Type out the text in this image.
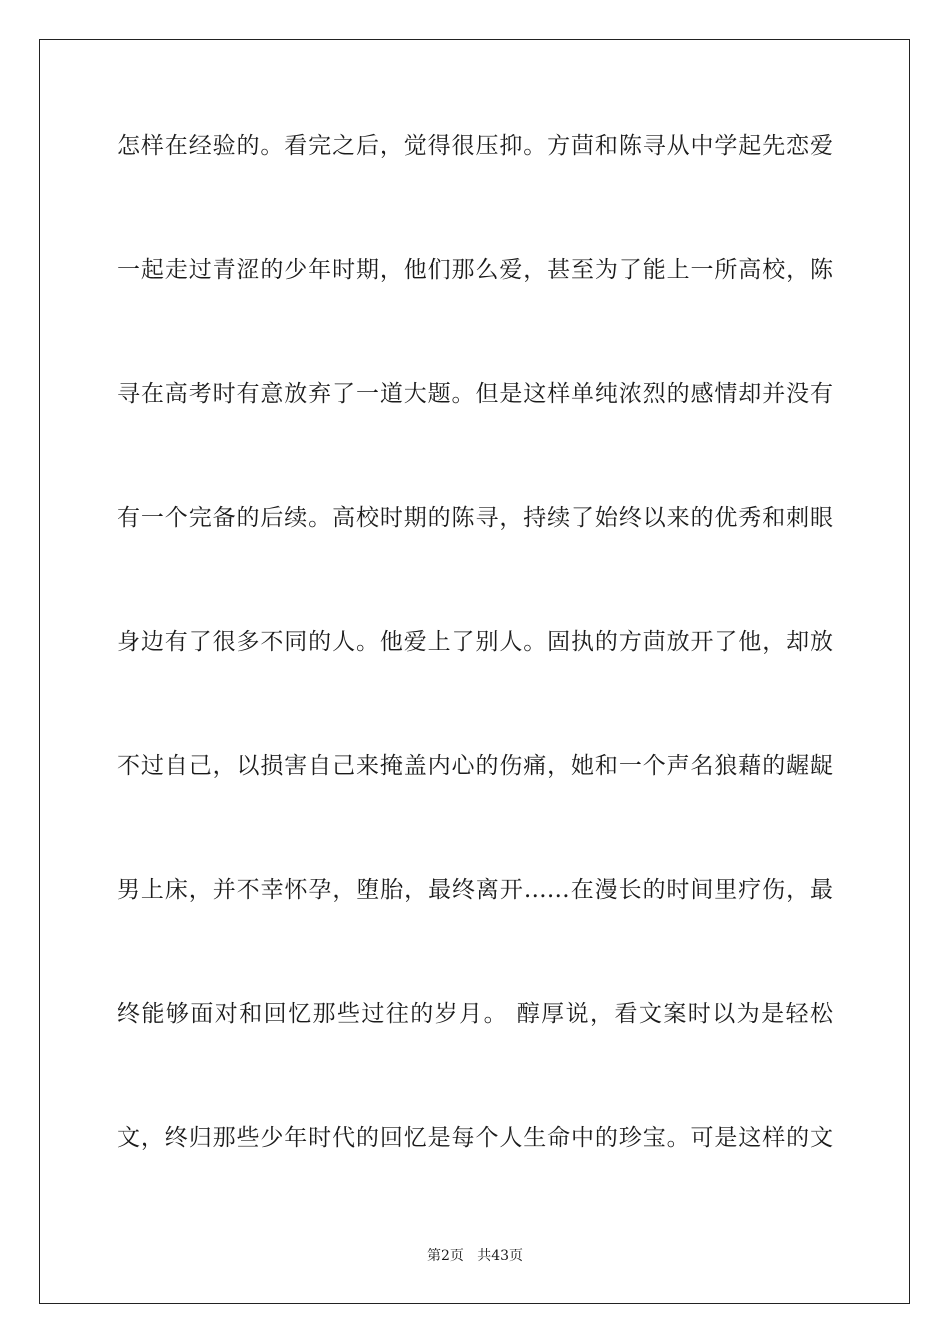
怎样在经验的。看完之后，觉得很压抑。方茴和陈寻从中学起先恋爱
一起走过青涩的少年时期，他们那么爱，甚至为了能上一所高校，陈
寻在高考时有意放弃了一道大题。但是这样单纯浓烈的感情却并没有
有一个完备的后续。高校时期的陈寻，持续了始终以来的优秀和刺眼
身边有了很多不同的人。他爱上了别人。固执的方茴放开了他，却放
不过自己，以损害自己来掩盖内心的伤痛，她和一个声名狼藉的龌龊
男上床，并不幸怀孕，堕胎，最终离开……在漫长的时间里疗伤，最
终能够面对和回忆那些过往的岁月。 醇厚说，看文案时以为是轻松
文，终归那些少年时代的回忆是每个人生命中的珍宝。可是这样的文
第2页   共43页
